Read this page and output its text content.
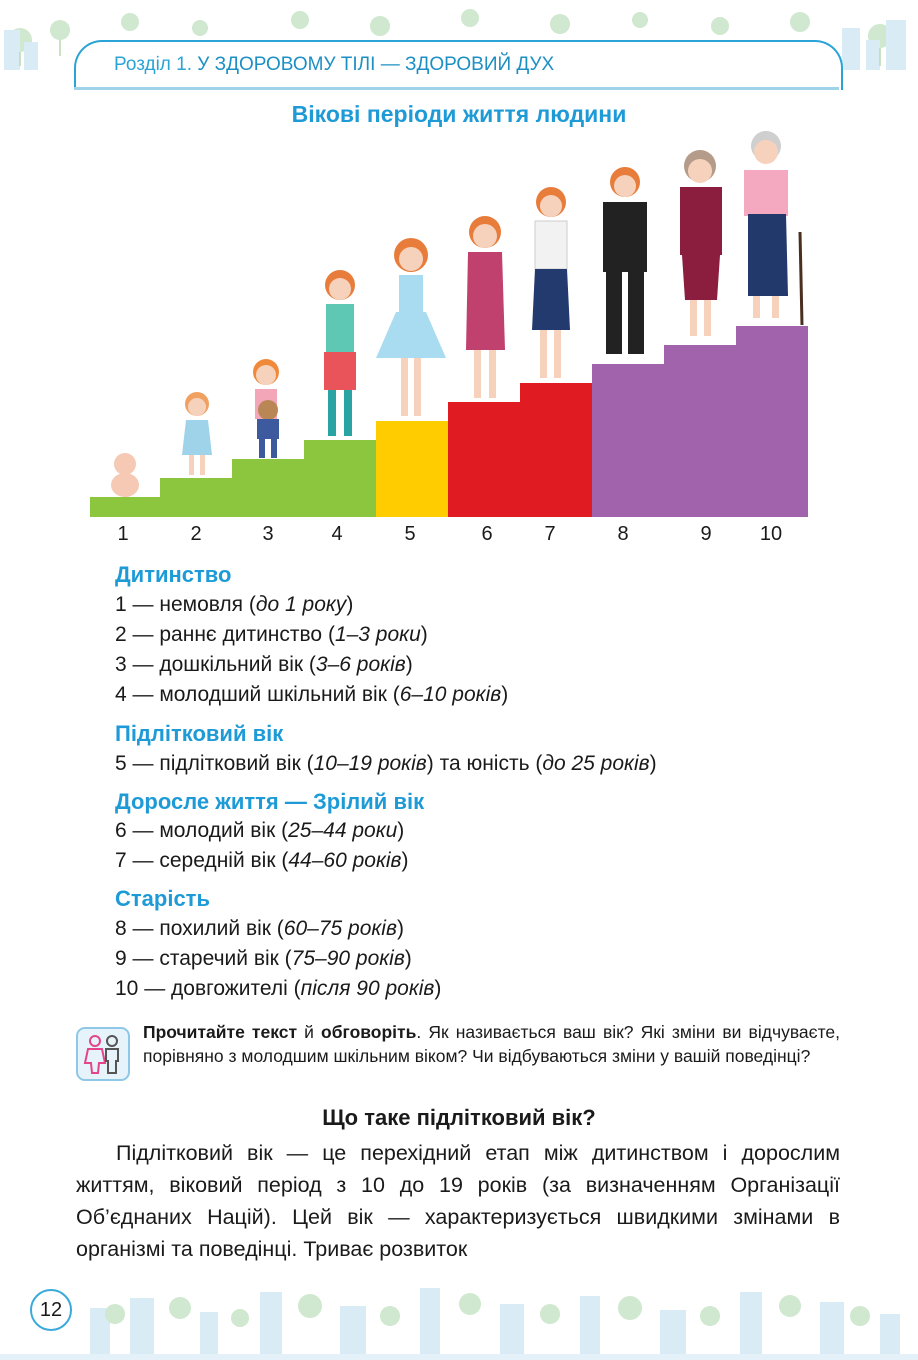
Розділ 1. У ЗДОРОВОМУ ТІЛІ — ЗДОРОВИЙ ДУХ
Вікові періоди життя людини
1	2	3	4	5	6	7	8	9	10
Дитинство
1 — немовля (до 1 року)
2 — раннє дитинство (1–3 роки)
3 — дошкільний вік (3–6 років)
4 — молодший шкільний вік (6–10 років)
Підлітковий вік
5 — підлітковий вік (10–19 років) та юність (до 25 років)
Доросле життя — Зрілий вік
6 — молодий вік (25–44 роки)
7 — середній вік (44–60 років)
Старість
8 — похилий вік (60–75 років)
9 — старечий вік (75–90 років)
10 — довгожителі (після 90 років)
Прочитайте текст й обговоріть. Як називається ваш вік? Які зміни ви відчуваєте, порівняно з молодшим шкільним віком? Чи відбуваються зміни у вашій поведінці?
Що таке підлітковий вік?
Підлітковий вік — це перехідний етап між дитинством і дорослим життям, віковий період з 10 до 19 років (за визначенням Організації Об’єднаних Націй). Цей вік — характеризується швидкими змінами в організмі та поведінці. Триває розвиток
12
